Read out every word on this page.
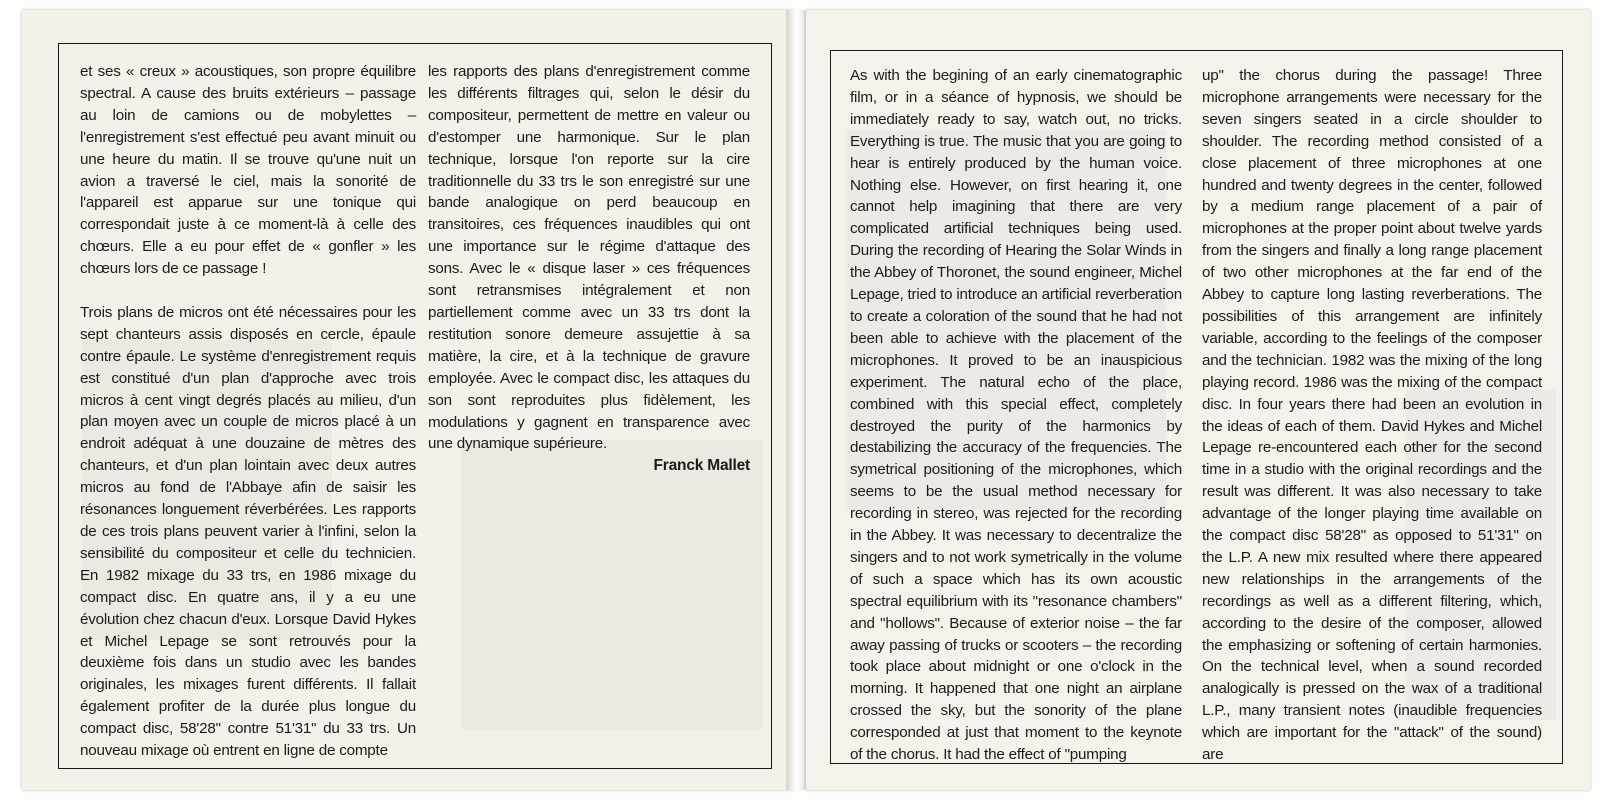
et ses « creux » acoustiques, son propre équilibre spectral. A cause des bruits extérieurs – passage au loin de camions ou de mobylettes – l'enregistrement s'est effectué peu avant minuit ou une heure du matin. Il se trouve qu'une nuit un avion a traversé le ciel, mais la sonorité de l'appareil est apparue sur une tonique qui correspondait juste à ce moment-là à celle des chœurs. Elle a eu pour effet de « gonfler » les chœurs lors de ce passage !

Trois plans de micros ont été nécessaires pour les sept chanteurs assis disposés en cercle, épaule contre épaule. Le système d'enregistrement requis est constitué d'un plan d'approche avec trois micros à cent vingt degrés placés au milieu, d'un plan moyen avec un couple de micros placé à un endroit adéquat à une douzaine de mètres des chanteurs, et d'un plan lointain avec deux autres micros au fond de l'Abbaye afin de saisir les résonances longuement réverbérées. Les rapports de ces trois plans peuvent varier à l'infini, selon la sensibilité du compositeur et celle du technicien. En 1982 mixage du 33 trs, en 1986 mixage du compact disc. En quatre ans, il y a eu une évolution chez chacun d'eux. Lorsque David Hykes et Michel Lepage se sont retrouvés pour la deuxième fois dans un studio avec les bandes originales, les mixages furent différents. Il fallait également profiter de la durée plus longue du compact disc, 58'28" contre 51'31" du 33 trs. Un nouveau mixage où entrent en ligne de compte

les rapports des plans d'enregistrement comme les différents filtrages qui, selon le désir du compositeur, permettent de mettre en valeur ou d'estomper une harmonique. Sur le plan technique, lorsque l'on reporte sur la cire traditionnelle du 33 trs le son enregistré sur une bande analogique on perd beaucoup en transitoires, ces fréquences inaudibles qui ont une importance sur le régime d'attaque des sons. Avec le « disque laser » ces fréquences sont retransmises intégralement et non partiellement comme avec un 33 trs dont la restitution sonore demeure assujettie à sa matière, la cire, et à la technique de gravure employée. Avec le compact disc, les attaques du son sont reproduites plus fidèlement, les modulations y gagnent en transparence avec une dynamique supérieure.

Franck Mallet

As with the begining of an early cinematographic film, or in a séance of hypnosis, we should be immediately ready to say, watch out, no tricks. Everything is true. The music that you are going to hear is entirely produced by the human voice. Nothing else. However, on first hearing it, one cannot help imagining that there are very complicated artificial techniques being used. During the recording of Hearing the Solar Winds in the Abbey of Thoronet, the sound engineer, Michel Lepage, tried to introduce an artificial reverberation to create a coloration of the sound that he had not been able to achieve with the placement of the microphones. It proved to be an inauspicious experiment. The natural echo of the place, combined with this special effect, completely destroyed the purity of the harmonics by destabilizing the accuracy of the frequencies. The symetrical positioning of the microphones, which seems to be the usual method necessary for recording in stereo, was rejected for the recording in the Abbey. It was necessary to decentralize the singers and to not work symetrically in the volume of such a space which has its own acoustic spectral equilibrium with its "resonance chambers" and "hollows". Because of exterior noise – the far away passing of trucks or scooters – the recording took place about midnight or one o'clock in the morning. It happened that one night an airplane crossed the sky, but the sonority of the plane corresponded at just that moment to the keynote of the chorus. It had the effect of "pumping

up" the chorus during the passage! Three microphone arrangements were necessary for the seven singers seated in a circle shoulder to shoulder. The recording method consisted of a close placement of three microphones at one hundred and twenty degrees in the center, followed by a medium range placement of a pair of microphones at the proper point about twelve yards from the singers and finally a long range placement of two other microphones at the far end of the Abbey to capture long lasting reverberations. The possibilities of this arrangement are infinitely variable, according to the feelings of the composer and the technician. 1982 was the mixing of the long playing record. 1986 was the mixing of the compact disc. In four years there had been an evolution in the ideas of each of them. David Hykes and Michel Lepage re-encountered each other for the second time in a studio with the original recordings and the result was different. It was also necessary to take advantage of the longer playing time available on the compact disc 58'28" as opposed to 51'31" on the L.P. A new mix resulted where there appeared new relationships in the arrangements of the recordings as well as a different filtering, which, according to the desire of the composer, allowed the emphasizing or softening of certain harmonies. On the technical level, when a sound recorded analogically is pressed on the wax of a traditional L.P., many transient notes (inaudible frequencies which are important for the "attack" of the sound) are
